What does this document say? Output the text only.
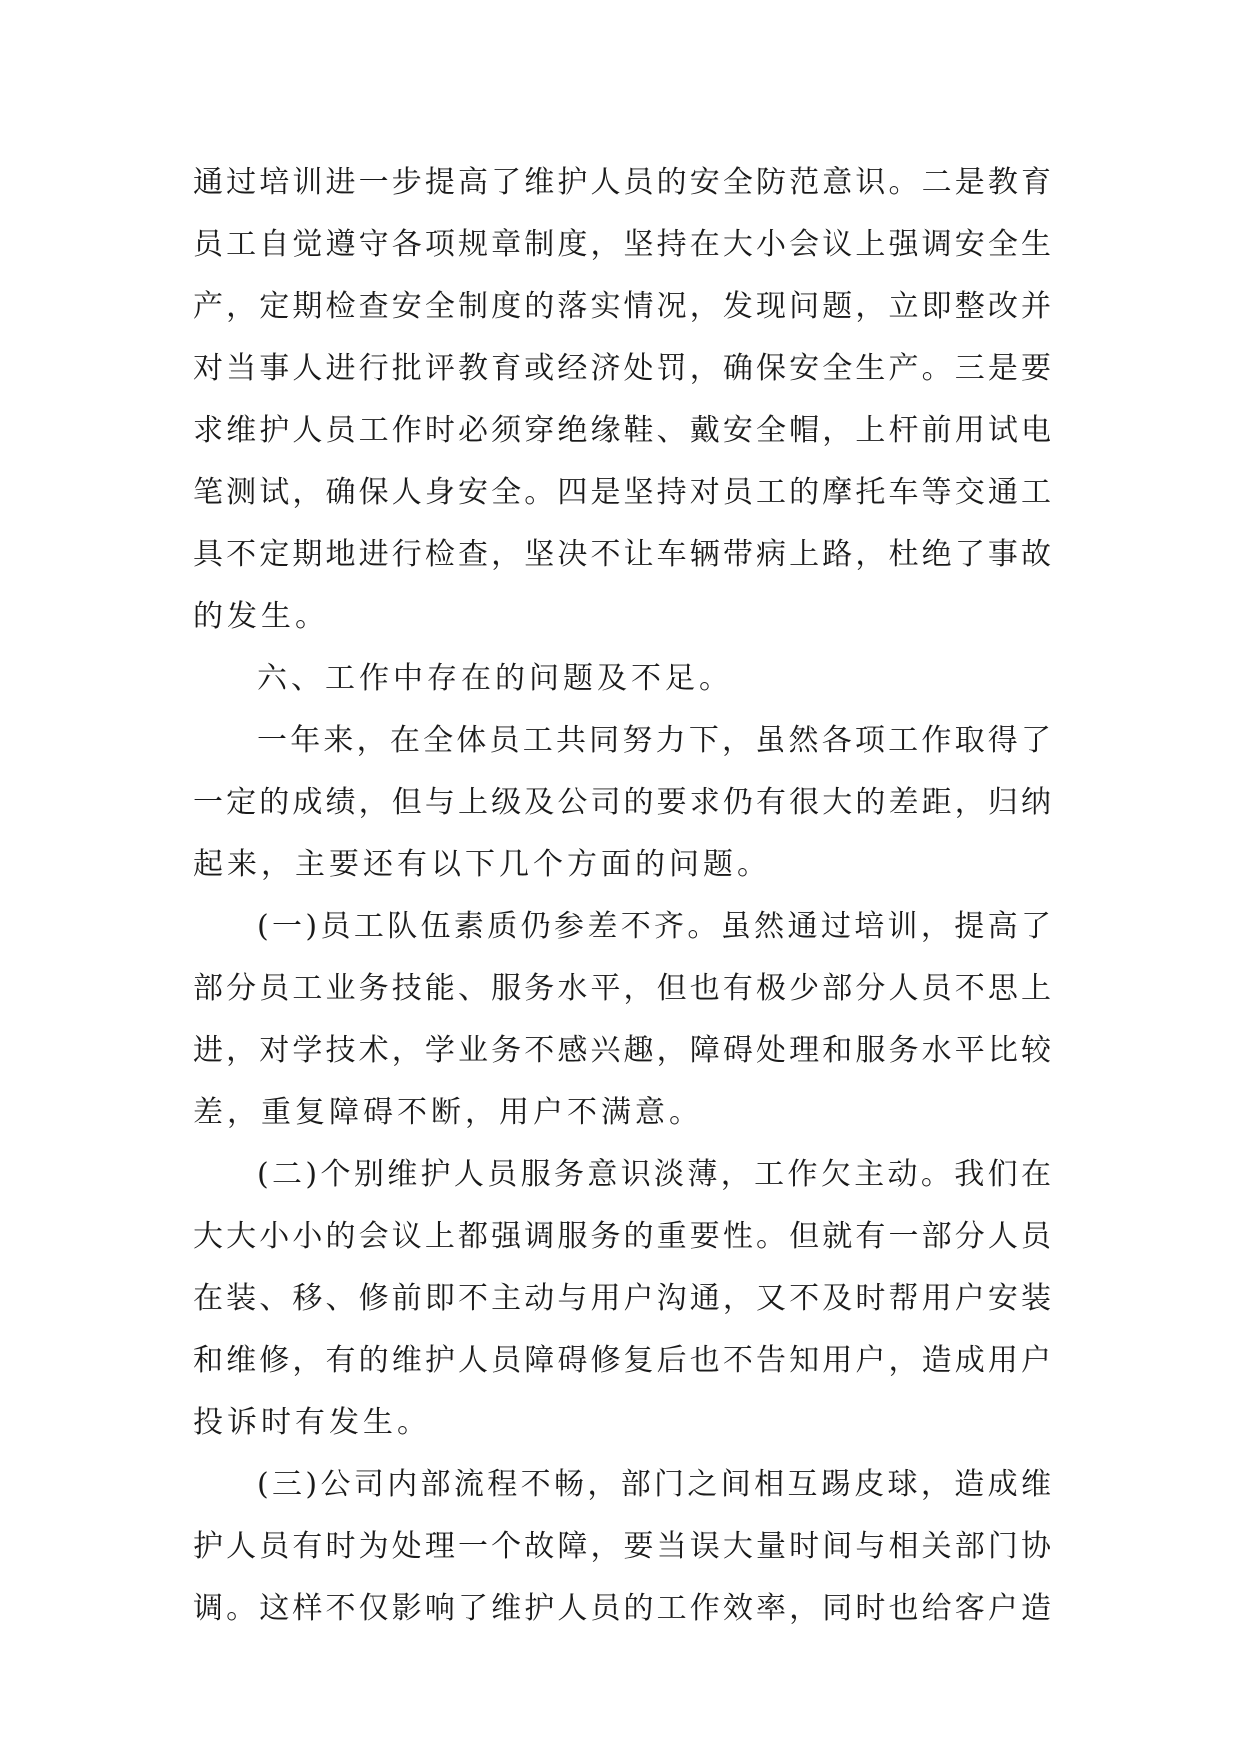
通过培训进一步提高了维护人员的安全防范意识。二是教育
员工自觉遵守各项规章制度，坚持在大小会议上强调安全生
产，定期检查安全制度的落实情况，发现问题，立即整改并
对当事人进行批评教育或经济处罚，确保安全生产。三是要
求维护人员工作时必须穿绝缘鞋、戴安全帽，上杆前用试电
笔测试，确保人身安全。四是坚持对员工的摩托车等交通工
具不定期地进行检查，坚决不让车辆带病上路，杜绝了事故
的发生。
六、工作中存在的问题及不足。
一年来，在全体员工共同努力下，虽然各项工作取得了
一定的成绩，但与上级及公司的要求仍有很大的差距，归纳
起来，主要还有以下几个方面的问题。
(一)员工队伍素质仍参差不齐。虽然通过培训，提高了
部分员工业务技能、服务水平，但也有极少部分人员不思上
进，对学技术，学业务不感兴趣，障碍处理和服务水平比较
差，重复障碍不断，用户不满意。
(二)个别维护人员服务意识淡薄，工作欠主动。我们在
大大小小的会议上都强调服务的重要性。但就有一部分人员
在装、移、修前即不主动与用户沟通，又不及时帮用户安装
和维修，有的维护人员障碍修复后也不告知用户，造成用户
投诉时有发生。
(三)公司内部流程不畅，部门之间相互踢皮球，造成维
护人员有时为处理一个故障，要当误大量时间与相关部门协
调。这样不仅影响了维护人员的工作效率，同时也给客户造
